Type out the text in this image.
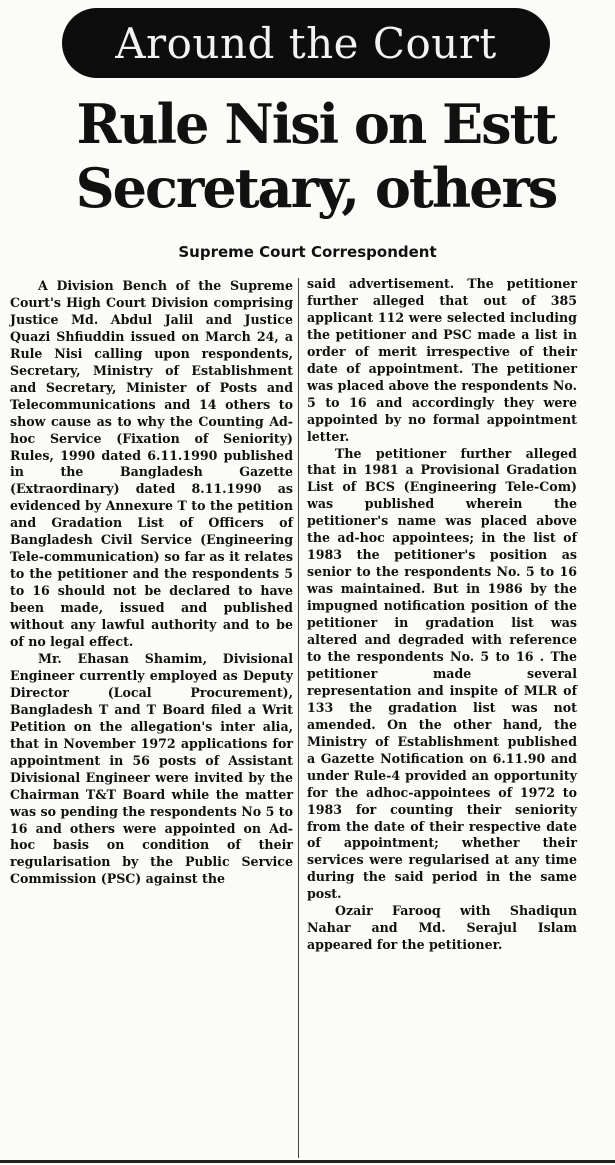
Around the Court
Rule Nisi on Estt Secretary, others

Supreme Court Correspondent

A Division Bench of the Supreme Court's High Court Division comprising Justice Md. Abdul Jalil and Justice Quazi Shfiuddin issued on March 24, a Rule Nisi calling upon respondents, Secretary, Ministry of Establishment and Secretary, Minister of Posts and Telecommunications and 14 others to show cause as to why the Counting Ad-hoc Service (Fixation of Seniority) Rules, 1990 dated 6.11.1990 published in the Bangladesh Gazette (Extraordinary) dated 8.11.1990 as evidenced by Annexure T to the petition and Gradation List of Officers of Bangladesh Civil Service (Engineering Tele-communication) so far as it relates to the petitioner and the respondents 5 to 16 should not be declared to have been made, issued and published without any lawful authority and to be of no legal effect.

Mr. Ehasan Shamim, Divisional Engineer currently employed as Deputy Director (Local Procurement), Bangladesh T and T Board filed a Writ Petition on the allegation's inter alia, that in November 1972 applications for appointment in 56 posts of Assistant Divisional Engineer were invited by the Chairman T&T Board while the matter was so pending the respondents No 5 to 16 and others were appointed on Ad-hoc basis on condition of their regularisation by the Public Service Commission (PSC) against the

said advertisement. The petitioner further alleged that out of 385 applicant 112 were selected including the petitioner and PSC made a list in order of merit irrespective of their date of appointment. The petitioner was placed above the respondents No. 5 to 16 and accordingly they were appointed by no formal appointment letter.

The petitioner further alleged that in 1981 a Provisional Gradation List of BCS (Engineering Tele-Com) was published wherein the petitioner's name was placed above the ad-hoc appointees; in the list of 1983 the petitioner's position as senior to the respondents No. 5 to 16 was maintained. But in 1986 by the impugned notification position of the petitioner in gradation list was altered and degraded with reference to the respondents No. 5 to 16 . The petitioner made several representation and inspite of MLR of 133 the gradation list was not amended. On the other hand, the Ministry of Establishment published a Gazette Notification on 6.11.90 and under Rule-4 provided an opportunity for the adhoc-appointees of 1972 to 1983 for counting their seniority from the date of their respective date of appointment; whether their services were regularised at any time during the said period in the same post.

Ozair Farooq with Shadiqun Nahar and Md. Serajul Islam appeared for the petitioner.
